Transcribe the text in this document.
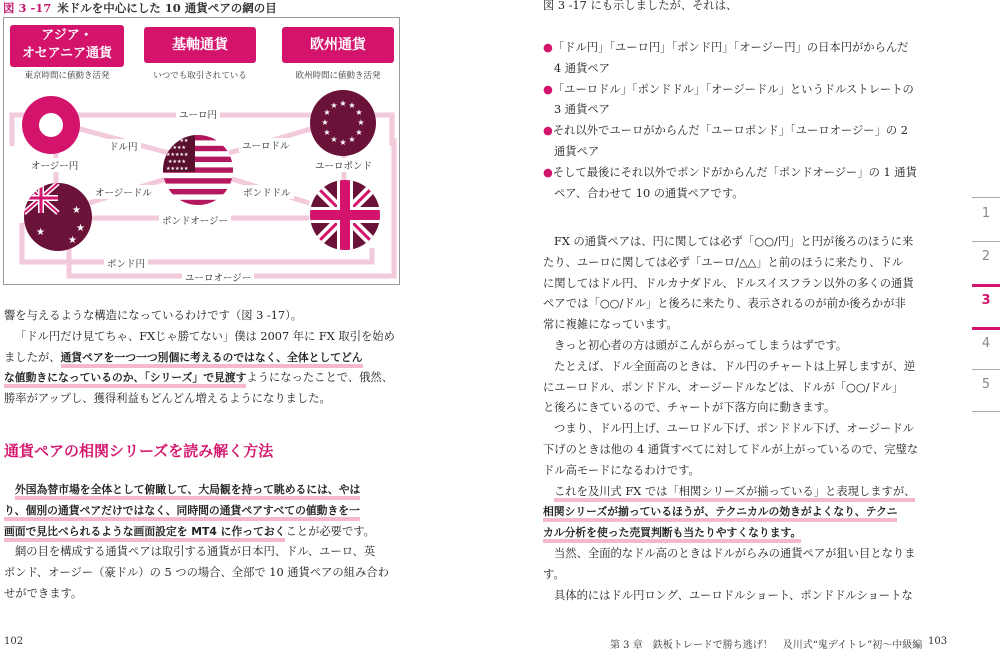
図 3 -17 米ドルを中心にした 10 通貨ペアの網の目
アジア・
オセアニア通貨
東京時間に値動き活発
基軸通貨
いつでも取引されている
欧州通貨
欧州時間に値動き活発
★★★★★
★★★★
★★★★★
★★★★
★★★★★
★ ★
★
★
★
★
★
★
★
★
★
★
★
★
★
★
ユーロ円
ドル円	ユーロドル
オージー円	ユーロポンド
オージードル	ポンドドル
ポンドオージー
ポンド円
ユーロオージー
響を与えるような構造になっているわけです（図 3 -17）。
「ドル円だけ見てちゃ、FXじゃ勝てない」僕は 2007 年に FX 取引を始め
ましたが、通貨ペアを一つ一つ別個に考えるのではなく、全体としてどん
な値動きになっているのか、「シリーズ」で見渡すようになったことで、俄然、
勝率がアップし、獲得利益もどんどん増えるようになりました。
通貨ペアの相関シリーズを読み解く方法
外国為替市場を全体として俯瞰して、大局観を持って眺めるには、やは
り、個別の通貨ペアだけではなく、同時間の通貨ペアすべての値動きを一
画面で見比べられるような画面設定を MT4 に作っておくことが必要です。
網の目を構成する通貨ペアは取引する通貨が日本円、ドル、ユーロ、英
ポンド、オージー（豪ドル）の 5 つの場合、全部で 10 通貨ペアの組み合わ
せができます。
102
図 3 -17 にも示しましたが、それは、
●「ドル円」「ユーロ円」「ポンド円」「オージー円」の日本円がからんだ
4 通貨ペア
●「ユーロドル」「ポンドドル」「オージードル」というドルストレートの
3 通貨ペア
●それ以外でユーロがからんだ「ユーロポンド」「ユーロオージー」の 2
通貨ペア
●そして最後にそれ以外でポンドがからんだ「ポンドオージー」の 1 通貨
ペア、合わせて 10 の通貨ペアです。
FX の通貨ペアは、円に関しては必ず「○○/円」と円が後ろのほうに来
たり、ユーロに関しては必ず「ユーロ/△△」と前のほうに来たり、ドル
に関してはドル円、ドルカナダドル、ドルスイスフラン以外の多くの通貨
ペアでは「○○/ドル」と後ろに来たり、表示されるのが前か後ろかが非
常に複雑になっています。
きっと初心者の方は頭がこんがらがってしまうはずです。
たとえば、ドル全面高のときは、ドル円のチャートは上昇しますが、逆
にユーロドル、ポンドドル、オージードルなどは、ドルが「○○/ドル」
と後ろにきているので、チャートが下落方向に動きます。
つまり、ドル円上げ、ユーロドル下げ、ポンドドル下げ、オージードル
下げのときは他の 4 通貨すべてに対してドルが上がっているので、完璧な
ドル高モードになるわけです。
これを及川式 FX では「相関シリーズが揃っている」と表現しますが、
相関シリーズが揃っているほうが、テクニカルの効きがよくなり、テクニ
カル分析を使った売買判断も当たりやすくなります。
当然、全面的なドル高のときはドルがらみの通貨ペアが狙い目となりま
す。
具体的にはドル円ロング、ユーロドルショート、ポンドドルショートな
第 3 章　鉄板トレードで勝ち逃げ！　及川式“鬼デイトレ”初～中級編 103
1
2
3
4
5
